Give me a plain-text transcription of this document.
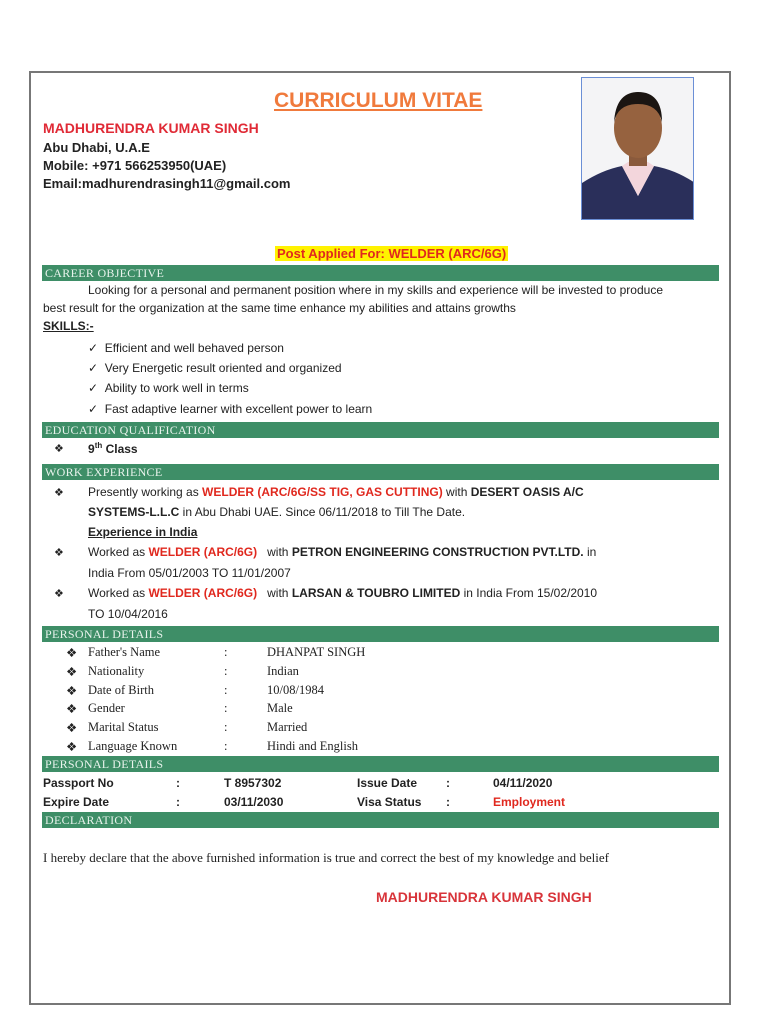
CURRICULUM VITAE
MADHURENDRA KUMAR SINGH
Abu Dhabi, U.A.E
Mobile: +971 566253950(UAE)
Email:madhurendrasingh11@gmail.com
Post Applied For: WELDER (ARC/6G)
CAREER OBJECTIVE
Looking for a personal and permanent position where in my skills and experience will be invested to produce
best result for the organization at the same time enhance my abilities and attains growths
SKILLS:-
✓ Efficient and well behaved person
✓ Very Energetic result oriented and organized
✓ Ability to work well in terms
✓ Fast adaptive learner with excellent power to learn
EDUCATION QUALIFICATION
❖ 9th Class
WORK EXPERIENCE
❖ Presently working as WELDER (ARC/6G/SS TIG, GAS CUTTING) with DESERT OASIS A/C
SYSTEMS-L.L.C in Abu Dhabi UAE. Since 06/11/2018 to Till The Date.
Experience in India
❖ Worked as WELDER (ARC/6G)   with PETRON ENGINEERING CONSTRUCTION PVT.LTD. in
India From 05/01/2003 TO 11/01/2007
❖ Worked as WELDER (ARC/6G)   with LARSAN & TOUBRO LIMITED in India From 15/02/2010
TO 10/04/2016
PERSONAL DETAILS
❖ Father's Name	:	DHANPAT SINGH
❖ Nationality	:	Indian
❖ Date of Birth	:	10/08/1984
❖ Gender	:	Male
❖ Marital Status	:	Married
❖ Language Known	:	Hindi and English
PERSONAL DETAILS
Passport No	:	T 8957302	Issue Date :	04/11/2020
Expire Date	:	03/11/2030	Visa Status :	Employment
DECLARATION
I hereby declare that the above furnished information is true and correct the best of my knowledge and belief
MADHURENDRA KUMAR SINGH
